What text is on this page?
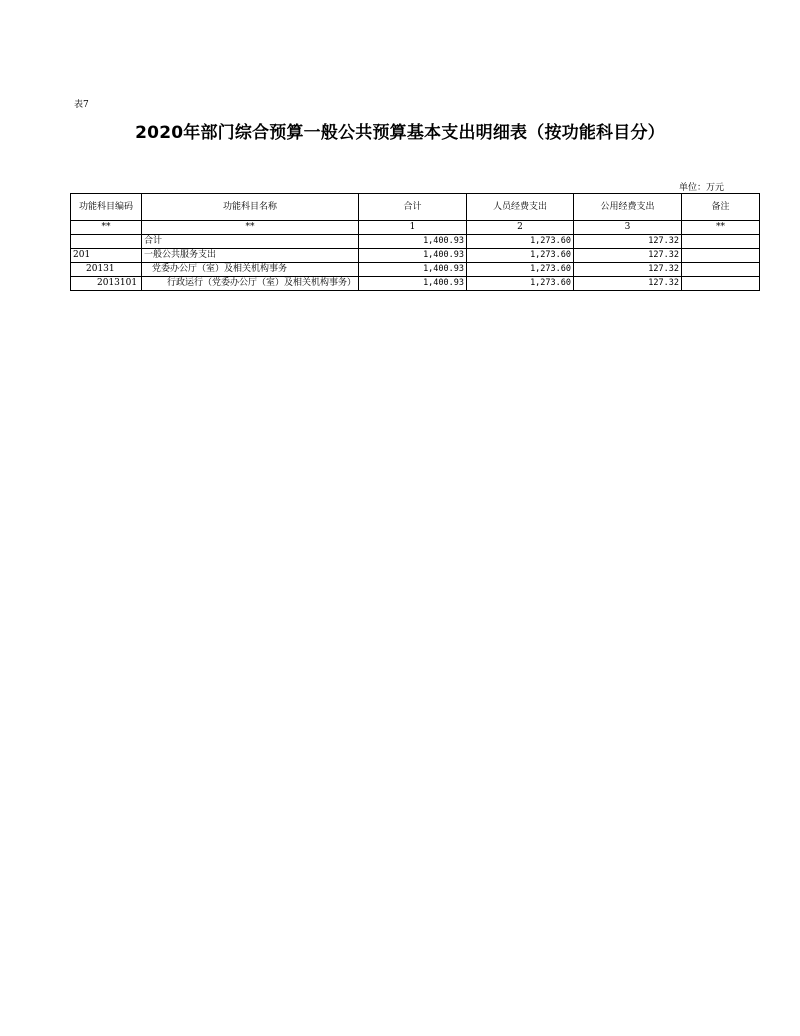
表7
2020年部门综合预算一般公共预算基本支出明细表（按功能科目分）
单位：万元
功能科目编码	功能科目名称	合计	人员经费支出	公用经费支出	备注
**	**	1	2	3	**
	合计	1,400.93	1,273.60	127.32	
201	一般公共服务支出	1,400.93	1,273.60	127.32	
20131	党委办公厅（室）及相关机构事务	1,400.93	1,273.60	127.32	
2013101	行政运行（党委办公厅（室）及相关机构事务）	1,400.93	1,273.60	127.32	
